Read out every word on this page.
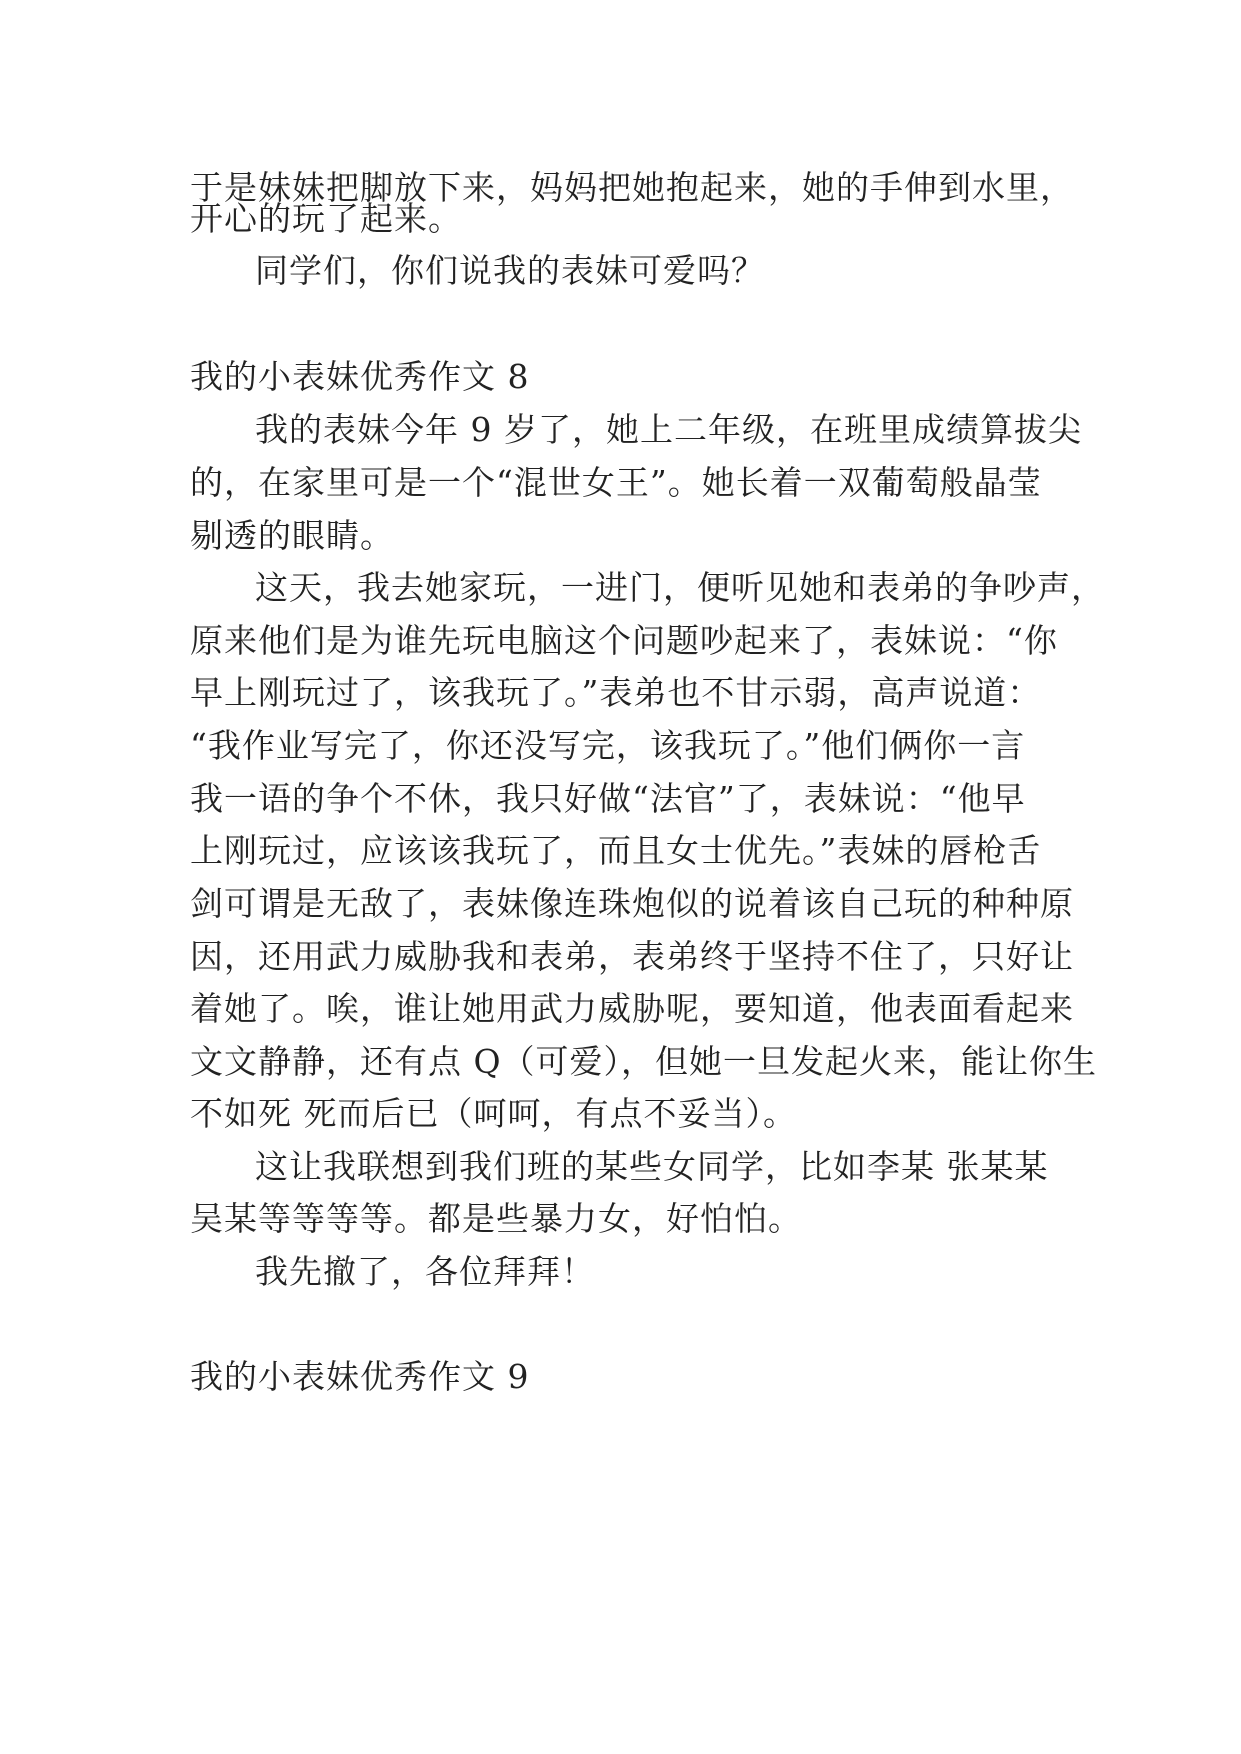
于是妹妹把脚放下来，妈妈把她抱起来，她的手伸到水里，
开心的玩了起来。
同学们，你们说我的表妹可爱吗？
我的小表妹优秀作文 8
我的表妹今年 9 岁了，她上二年级，在班里成绩算拔尖
的，在家里可是一个“混世女王”。她长着一双葡萄般晶莹
剔透的眼睛。
这天，我去她家玩，一进门，便听见她和表弟的争吵声，
原来他们是为谁先玩电脑这个问题吵起来了，表妹说：“你
早上刚玩过了，该我玩了。”表弟也不甘示弱，高声说道：
“我作业写完了，你还没写完，该我玩了。”他们俩你一言
我一语的争个不休，我只好做“法官”了，表妹说：“他早
上刚玩过，应该该我玩了，而且女士优先。”表妹的唇枪舌
剑可谓是无敌了，表妹像连珠炮似的说着该自己玩的种种原
因，还用武力威胁我和表弟，表弟终于坚持不住了，只好让
着她了。唉，谁让她用武力威胁呢，要知道，他表面看起来
文文静静，还有点 Q（可爱），但她一旦发起火来，能让你生
不如死 死而后已（呵呵，有点不妥当）。
这让我联想到我们班的某些女同学，比如李某 张某某
吴某等等等等。都是些暴力女，好怕怕。
我先撤了，各位拜拜！
我的小表妹优秀作文 9
